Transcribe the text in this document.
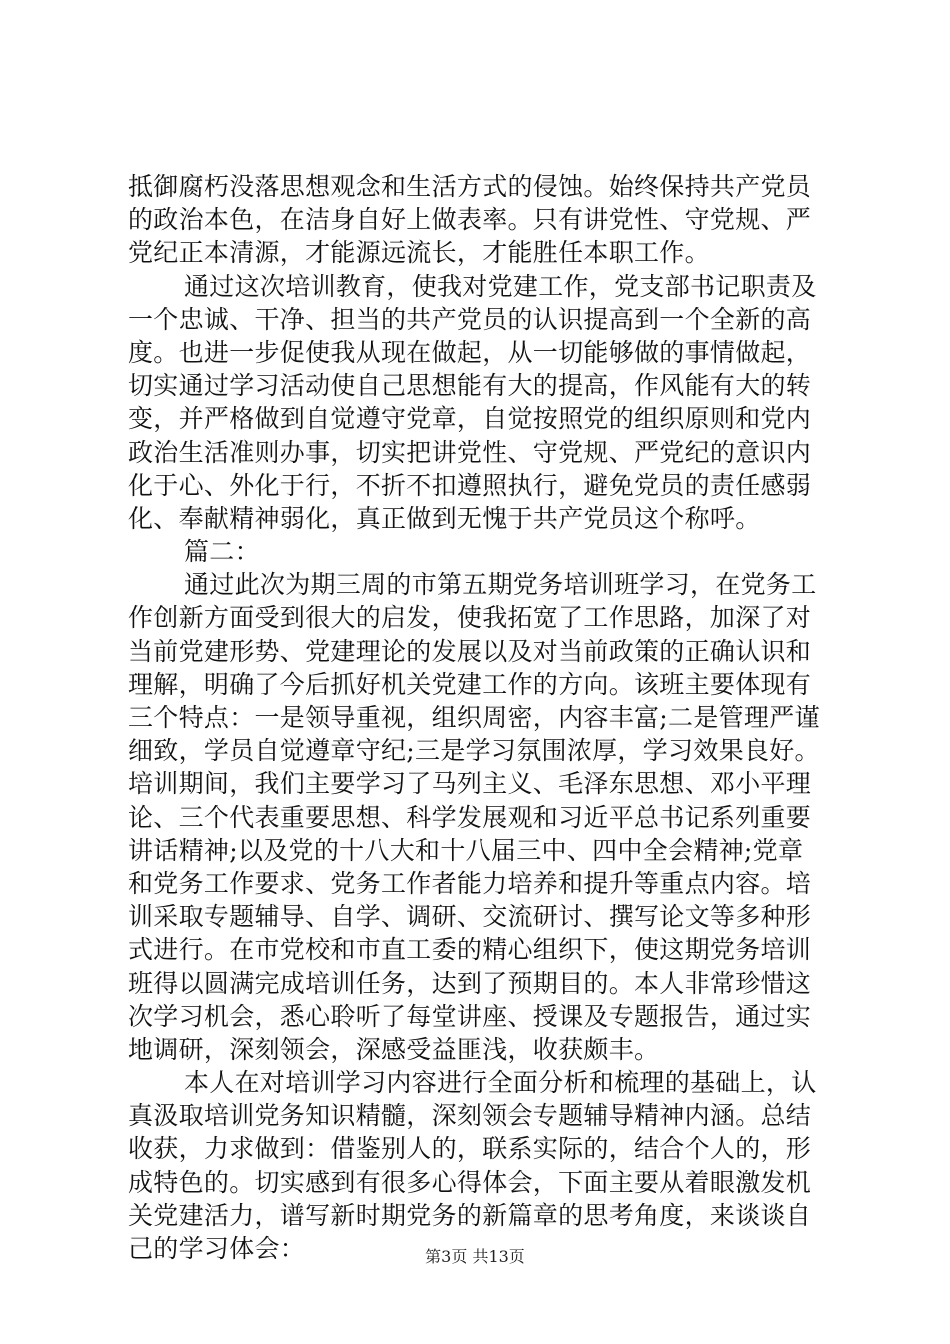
抵御腐朽没落思想观念和生活方式的侵蚀。始终保持共产党员
的政治本色，在洁身自好上做表率。只有讲党性、守党规、严
党纪正本清源，才能源远流长，才能胜任本职工作。
通过这次培训教育，使我对党建工作，党支部书记职责及
一个忠诚、干净、担当的共产党员的认识提高到一个全新的高
度。也进一步促使我从现在做起，从一切能够做的事情做起，
切实通过学习活动使自己思想能有大的提高，作风能有大的转
变，并严格做到自觉遵守党章，自觉按照党的组织原则和党内
政治生活准则办事，切实把讲党性、守党规、严党纪的意识内
化于心、外化于行，不折不扣遵照执行，避免党员的责任感弱
化、奉献精神弱化，真正做到无愧于共产党员这个称呼。
篇二：
通过此次为期三周的市第五期党务培训班学习，在党务工
作创新方面受到很大的启发，使我拓宽了工作思路，加深了对
当前党建形势、党建理论的发展以及对当前政策的正确认识和
理解，明确了今后抓好机关党建工作的方向。该班主要体现有
三个特点：一是领导重视，组织周密，内容丰富;二是管理严谨
细致，学员自觉遵章守纪;三是学习氛围浓厚，学习效果良好。
培训期间，我们主要学习了马列主义、毛泽东思想、邓小平理
论、三个代表重要思想、科学发展观和习近平总书记系列重要
讲话精神;以及党的十八大和十八届三中、四中全会精神;党章
和党务工作要求、党务工作者能力培养和提升等重点内容。培
训采取专题辅导、自学、调研、交流研讨、撰写论文等多种形
式进行。在市党校和市直工委的精心组织下，使这期党务培训
班得以圆满完成培训任务，达到了预期目的。本人非常珍惜这
次学习机会，悉心聆听了每堂讲座、授课及专题报告，通过实
地调研，深刻领会，深感受益匪浅，收获颇丰。
本人在对培训学习内容进行全面分析和梳理的基础上，认
真汲取培训党务知识精髓，深刻领会专题辅导精神内涵。总结
收获，力求做到：借鉴别人的，联系实际的，结合个人的，形
成特色的。切实感到有很多心得体会，下面主要从着眼激发机
关党建活力，谱写新时期党务的新篇章的思考角度，来谈谈自
己的学习体会：	第3页 共13页
